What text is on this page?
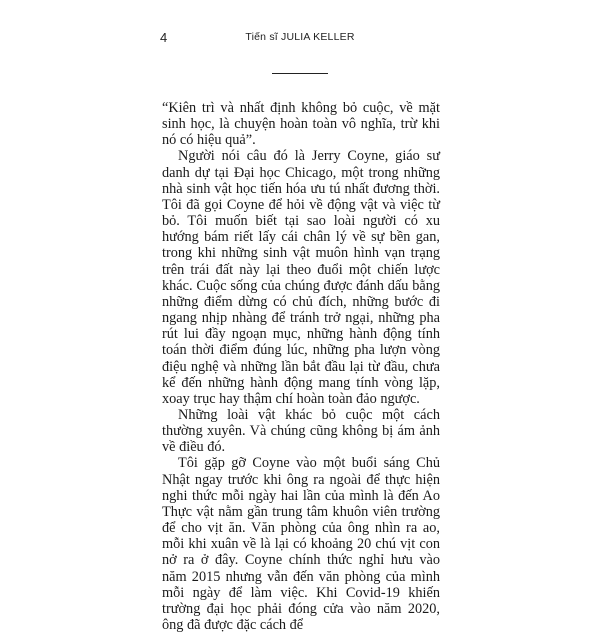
4	Tiến sĩ JULIA KELLER

“Kiên trì và nhất định không bỏ cuộc, về mặt sinh học, là chuyện hoàn toàn vô nghĩa, trừ khi nó có hiệu quả”.

Người nói câu đó là Jerry Coyne, giáo sư danh dự tại Đại học Chicago, một trong những nhà sinh vật học tiến hóa ưu tú nhất đương thời. Tôi đã gọi Coyne để hỏi về động vật và việc từ bỏ. Tôi muốn biết tại sao loài người có xu hướng bám riết lấy cái chân lý về sự bền gan, trong khi những sinh vật muôn hình vạn trạng trên trái đất này lại theo đuổi một chiến lược khác. Cuộc sống của chúng được đánh dấu bằng những điểm dừng có chủ đích, những bước đi ngang nhịp nhàng để tránh trở ngại, những pha rút lui đầy ngoạn mục, những hành động tính toán thời điểm đúng lúc, những pha lượn vòng điệu nghệ và những lần bắt đầu lại từ đầu, chưa kể đến những hành động mang tính vòng lặp, xoay trục hay thậm chí hoàn toàn đảo ngược.

Những loài vật khác bỏ cuộc một cách thường xuyên. Và chúng cũng không bị ám ảnh về điều đó.

Tôi gặp gỡ Coyne vào một buổi sáng Chủ Nhật ngay trước khi ông ra ngoài để thực hiện nghi thức mỗi ngày hai lần của mình là đến Ao Thực vật nằm gần trung tâm khuôn viên trường để cho vịt ăn. Văn phòng của ông nhìn ra ao, mỗi khi xuân về là lại có khoảng 20 chú vịt con nở ra ở đây. Coyne chính thức nghỉ hưu vào năm 2015 nhưng vẫn đến văn phòng của mình mỗi ngày để làm việc. Khi Covid-19 khiến trường đại học phải đóng cửa vào năm 2020, ông đã được đặc cách để
